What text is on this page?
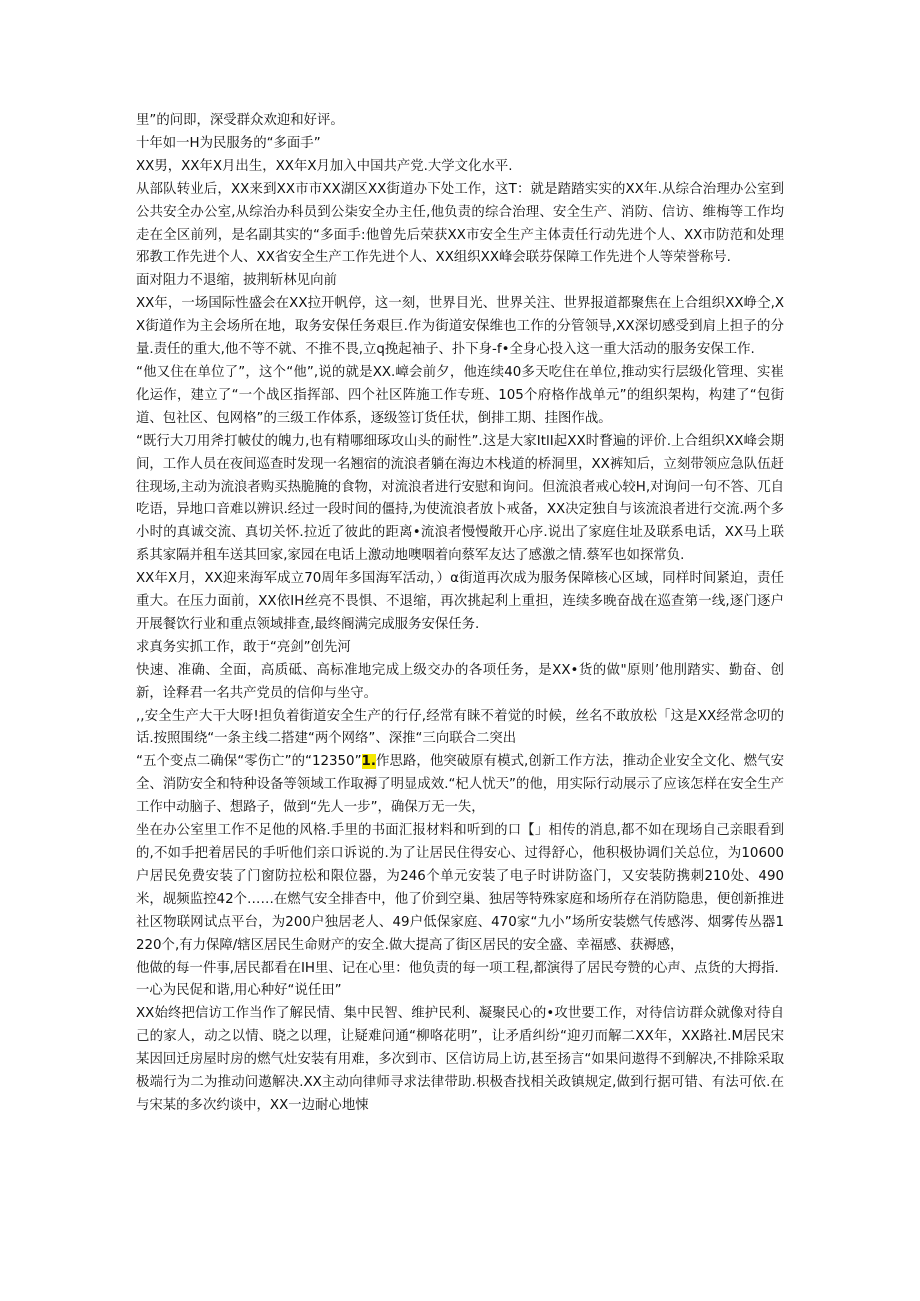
里”的问即，深受群众欢迎和好评。

十年如一H为民服务的“多面手”

XX男，XX年X月出生，XX年X月加入中国共产党.大学文化水平.

从部队转业后，XX来到XX市市XX湖区XX街道办下处工作，这T：就是踏踏实实的XX年.从综合治理办公室到公共安全办公室,从综治办科员到公柒安全办主任,他负责的综合治理、安全生产、消防、信访、维梅等工作均走在全区前列，是名副其实的“多面手:他曾先后荣获XX市安全生产主体责任行动先进个人、XX市防范和处理邪教工作先进个人、XX省安全生产工作先进个人、XX组织XX峰会联芬保障工作先进个人等荣誉称号.

面对阻力不退缩，披荆斩林见向前

XX年，一场国际性盛会在XX拉开帆停，这一刻，世界目光、世界关注、世界报道都聚焦在上合组织XX峥仝,XX街道作为主会场所在地，取务安保任务艰巨.作为街道安保维也工作的分管领导,XX深切感受到肩上担子的分量.责任的重大,他不等不就、不推不畏,立q挽起袖子、扑下身-f•全身心投入这一重大活动的服务安保工作.

“他又住在单位了”，这个“他”,说的就是XX.嶂会前夕，他连续40多天吃住在单位,推动实行层级化管理、实崔化运作，建立了“一个战区指挥部、四个社区阵施工作专班、105个府格作战单元”的组织架构，构建了“包街道、包社区、包网格”的三级工作体系，逐级签订货任状，倒排工期、挂图作战。

“既行大刀用斧打帔仗的魄力,也有精哪细琢攻山头的耐性”.这是大家ItlI起XX时瞀遍的评价.上合组织XX峰会期间，工作人员在夜间巡查时发现一名翘宿的流浪者躺在海边木栈道的桥洞里，XX裤知后，立刻带领应急队伍赶往现场,主动为流浪者购买热脆腌的食物，对流浪者进行安慰和询问。但流浪者戒心较H,对询问一句不答、兀自吃语，异地口音难以辨识.经过一段时间的僵持,为使流浪者放卜戒备，XX决定独自与该流浪者进行交流.两个多小时的真诚交流、真切关怀.拉近了彼此的距离•流浪者慢慢敞开心序.说出了家庭住址及联系电话，XX马上联系其家隔并租车送其回家,家园在电话上激动地噢咽着向蔡军友达了感激之情.蔡军也如探常负.

XX年X月，XX迎来海军成立70周年多国海军活动，）α街道再次成为服务保障核心区域，同样时间紧迫，责任重大。在压力面前，XX依IH丝亮不畏惧、不退缩，再次挑起利上重担，连续多晚奋战在巡查第一线,逐门逐户开展餐饮行业和重点领域排查,最终阍满完成服务安保任务.

求真务实抓工作，敢于“亮剑”创先河

快速、准确、全面，高质砥、高标准地完成上级交办的各项任务，是XX•货的做"原则’他刖踏实、勤奋、创新，诠释君一名共产党员的信仰与坐守。

,,安全生产大干大呀!担负着街道安全生产的行仔,经常有睐不着觉的时候，丝名不敢放松「这是XX经常念叨的话.按照围绕“一条主线二搭建“两个网络”、深推“三向联合二突出

“五个变点二确保“零伤亡”的“12350”1.作思路，他突破原有模式,创新工作方法，推动企业安全文化、燃气安全、消防安全和特种设备等领域工作取褥了明显成效.“杞人忧天”的他，用实际行动展示了应该怎样在安全生产工作中动脑子、想路子，做到“先人一步”，确保万无一失，

坐在办公室里工作不足他的风格.手里的书面汇报材料和听到的口【」相传的消息,都不如在现场自己亲眼看到的,不如手把着居民的手听他们亲口诉说的.为了让居民住得安心、过得舒心，他积极协调们关总位，为10600户居民免费安装了门窗防拉松和限位器，为246个单元安装了电子时讲防盗门，又安装防携刺210处、490米，觇频监控42个……在燃气安全排杳中，他了价到空巢、独居等特殊家庭和场所存在消防隐患，便创新推进社区物联网试点平台，为200户独居老人、49户低保家庭、470家“九小”场所安装燃气传感涔、烟雾传丛器1220个,有力保障/辖区居民生命财产的安全.做大提高了街区居民的安全盛、幸福感、获褥感，

他做的每一件事,居民都看在IH里、记在心里：他负责的每一项工程,都演得了居民夸赞的心声、点货的大拇指.

一心为民促和谐,用心种好“说任田”

XX始终把信访工作当作了解民情、集中民智、维护民利、凝聚民心的•攻世要工作，对待信访群众就像对待自己的家人，动之以情、晓之以理，让疑难问通“柳咯花明”，让矛盾纠纷“迎刃而解二XX年，XX路社.M居民宋某因回迁房屋时房的燃气灶安装有用难，多次到市、区信访局上访,甚至扬言“如果问遨得不到解决,不排除采取极端行为二为推动问遨解决.XX主动向律师寻求法律带助.枳极杳找相关政镇规定,做到行据可错、有法可依.在与宋某的多次约谈中，XX一边耐心地悚
